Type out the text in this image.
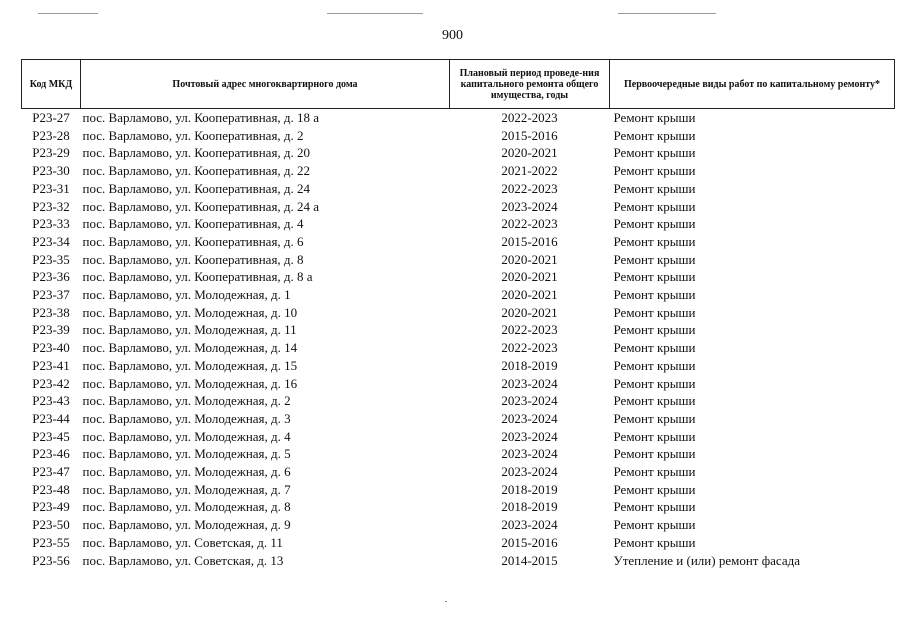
900
Код МКД	Почтовый адрес многоквартирного дома	Плановый период проведе-ния капитального ремонта общего имущества, годы	Первоочередные виды работ по капитальному ремонту*
Р23-27	пос. Варламово, ул. Кооперативная, д. 18 а	2022-2023	Ремонт крыши
Р23-28	пос. Варламово, ул. Кооперативная, д. 2	2015-2016	Ремонт крыши
Р23-29	пос. Варламово, ул. Кооперативная, д. 20	2020-2021	Ремонт крыши
Р23-30	пос. Варламово, ул. Кооперативная, д. 22	2021-2022	Ремонт крыши
Р23-31	пос. Варламово, ул. Кооперативная, д. 24	2022-2023	Ремонт крыши
Р23-32	пос. Варламово, ул. Кооперативная, д. 24 а	2023-2024	Ремонт крыши
Р23-33	пос. Варламово, ул. Кооперативная, д. 4	2022-2023	Ремонт крыши
Р23-34	пос. Варламово, ул. Кооперативная, д. 6	2015-2016	Ремонт крыши
Р23-35	пос. Варламово, ул. Кооперативная, д. 8	2020-2021	Ремонт крыши
Р23-36	пос. Варламово, ул. Кооперативная, д. 8 а	2020-2021	Ремонт крыши
Р23-37	пос. Варламово, ул. Молодежная, д. 1	2020-2021	Ремонт крыши
Р23-38	пос. Варламово, ул. Молодежная, д. 10	2020-2021	Ремонт крыши
Р23-39	пос. Варламово, ул. Молодежная, д. 11	2022-2023	Ремонт крыши
Р23-40	пос. Варламово, ул. Молодежная, д. 14	2022-2023	Ремонт крыши
Р23-41	пос. Варламово, ул. Молодежная, д. 15	2018-2019	Ремонт крыши
Р23-42	пос. Варламово, ул. Молодежная, д. 16	2023-2024	Ремонт крыши
Р23-43	пос. Варламово, ул. Молодежная, д. 2	2023-2024	Ремонт крыши
Р23-44	пос. Варламово, ул. Молодежная, д. 3	2023-2024	Ремонт крыши
Р23-45	пос. Варламово, ул. Молодежная, д. 4	2023-2024	Ремонт крыши
Р23-46	пос. Варламово, ул. Молодежная, д. 5	2023-2024	Ремонт крыши
Р23-47	пос. Варламово, ул. Молодежная, д. 6	2023-2024	Ремонт крыши
Р23-48	пос. Варламово, ул. Молодежная, д. 7	2018-2019	Ремонт крыши
Р23-49	пос. Варламово, ул. Молодежная, д. 8	2018-2019	Ремонт крыши
Р23-50	пос. Варламово, ул. Молодежная, д. 9	2023-2024	Ремонт крыши
Р23-55	пос. Варламово, ул. Советская, д. 11	2015-2016	Ремонт крыши
Р23-56	пос. Варламово, ул. Советская, д. 13	2014-2015	Утепление и (или) ремонт фасада
